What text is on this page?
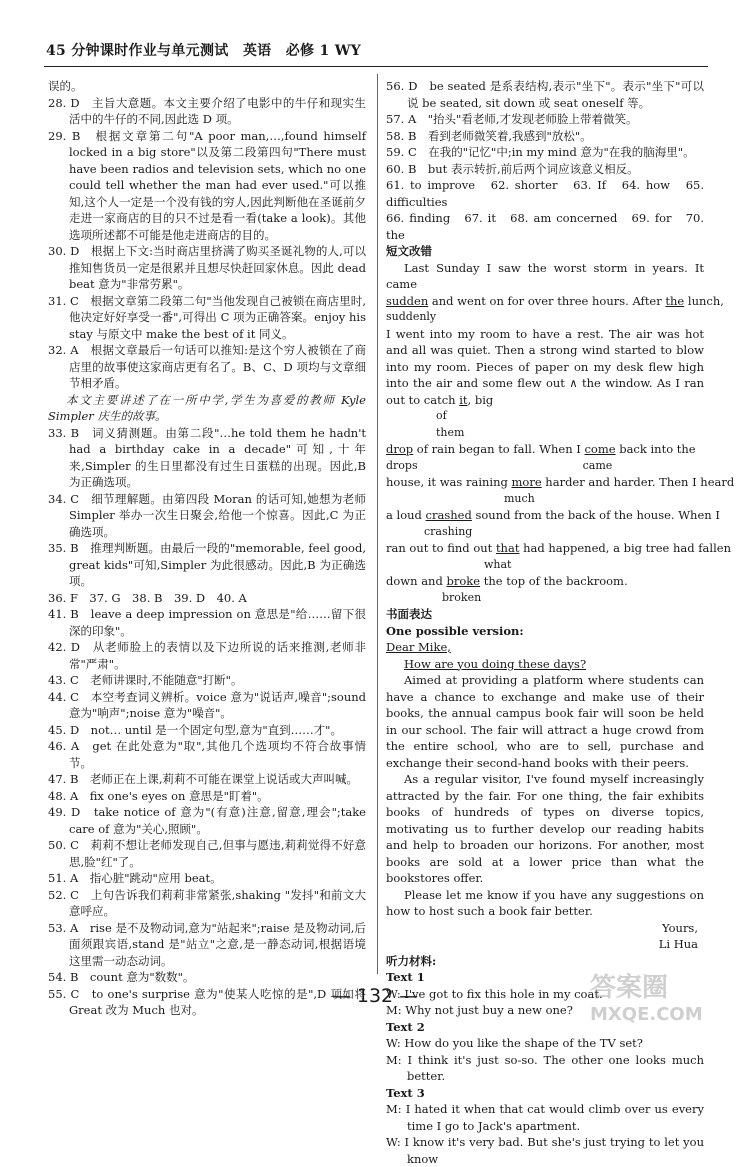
45 分钟课时作业与单元测试　英语　必修 1 WY

误的。

28. D　主旨大意题。本文主要介绍了电影中的牛仔和现实生活中的牛仔的不同,因此选 D 项。

29. B　根据文章第二句"A poor man,…,found himself locked in a big store"以及第二段第四句"There must have been radios and television sets, which no one could tell whether the man had ever used."可以推知,这个人一定是一个没有钱的穷人,因此判断他在圣诞前夕走进一家商店的目的只不过是看一看(take a look)。其他选项所述都不可能是他走进商店的目的。

30. D　根据上下文:当时商店里挤满了购买圣诞礼物的人,可以推知售货员一定是很累并且想尽快赶回家休息。因此 dead beat 意为"非常劳累"。

31. C　根据文章第二段第二句"当他发现自己被锁在商店里时,他决定好好享受一番",可得出 C 项为正确答案。enjoy his stay 与原文中 make the best of it 同义。

32. A　根据文章最后一句话可以推知:是这个穷人被锁在了商店里的故事使这家商店更有名了。B、C、D 项均与文章细节相矛盾。

本文主要讲述了在一所中学,学生为喜爱的教师 Kyle Simpler 庆生的故事。

33. B　词义猜测题。由第二段"…he told them he hadn't had a birthday cake in a decade"可知,十年来,Simpler 的生日里都没有过生日蛋糕的出现。因此,B 为正确选项。

34. C　细节理解题。由第四段 Moran 的话可知,她想为老师 Simpler 举办一次生日聚会,给他一个惊喜。因此,C 为正确选项。

35. B　推理判断题。由最后一段的"memorable, feel good, great kids"可知,Simpler 为此很感动。因此,B 为正确选项。

36. F　37. G　38. B　39. D　40. A

41. B　leave a deep impression on 意思是"给……留下很深的印象"。

42. D　从老师脸上的表情以及下边所说的话来推测,老师非常"严肃"。

43. C　老师讲课时,不能随意"打断"。

44. C　本空考查词义辨析。voice 意为"说话声,噪音";sound 意为"响声";noise 意为"噪音"。

45. D　not… until 是一个固定句型,意为"直到……才"。

46. A　get 在此处意为"取",其他几个选项均不符合故事情节。

47. B　老师正在上课,莉莉不可能在课堂上说话或大声叫喊。

48. A　fix one's eyes on 意思是"盯着"。

49. D　take notice of 意为"(有意)注意,留意,理会";take care of 意为"关心,照顾"。

50. C　莉莉不想让老师发现自己,但事与愿违,莉莉觉得不好意思,脸"红"了。

51. A　指心脏"跳动"应用 beat。

52. C　上句告诉我们莉莉非常紧张,shaking "发抖"和前文大意呼应。

53. A　rise 是不及物动词,意为"站起来";raise 是及物动词,后面须跟宾语,stand 是"站立"之意,是一静态动词,根据语境这里需一动态动词。

54. B　count 意为"数数"。

55. C　to one's surprise 意为"使某人吃惊的是",D 项如将 Great 改为 Much 也对。

56. D　be seated 是系表结构,表示"坐下"。表示"坐下"可以说 be seated, sit down 或 seat oneself 等。

57. A　"抬头"看老师,才发现老师脸上带着微笑。

58. B　看到老师微笑着,我感到"放松"。

59. C　在我的"记忆"中;in my mind 意为"在我的脑海里"。

60. B　but 表示转折,前后两个词应该意义相反。

61. to improve　62. shorter　63. If　64. how　65. difficulties

66. finding　67. it　68. am concerned　69. for　70. the

短文改错

Last Sunday I saw the worst storm in years. It came

sudden and went on for over three hours. After the lunch,

suddenly

I went into my room to have a rest. The air was hot and all was quiet. Then a strong wind started to blow into my room. Pieces of paper on my desk flew high into the air and some flew out ∧ the window. As I ran out to catch it, big

of　　　　　　　　　　　　　　　　　　　　　them

drop of rain began to fall. When I come back into the

drops　　　　　　　　　　　　　　　came

house, it was raining more harder and harder. Then I heard

much

a loud crashed sound from the back of the house. When I

crashing

ran out to find out that had happened, a big tree had fallen

what

down and broke the top of the backroom.

broken

书面表达

One possible version:

Dear Mike,

How are you doing these days?

Aimed at providing a platform where students can have a chance to exchange and make use of their books, the annual campus book fair will soon be held in our school. The fair will attract a huge crowd from the entire school, who are to sell, purchase and exchange their second-hand books with their peers.

As a regular visitor, I've found myself increasingly attracted by the fair. For one thing, the fair exhibits books of hundreds of types on diverse topics, motivating us to further develop our reading habits and help to broaden our horizons. For another, most books are sold at a lower price than what the bookstores offer.

Please let me know if you have any suggestions on how to host such a book fair better.

Yours,

Li Hua

听力材料:

Text 1

W: I've got to fix this hole in my coat.

M: Why not just buy a new one?

Text 2

W: How do you like the shape of the TV set?

M: I think it's just so-so. The other one looks much better.

Text 3

M: I hated it when that cat would climb over us every time I go to Jack's apartment.

W: I know it's very bad. But she's just trying to let you know

— 132 —	答案圈
MXQE.COM
